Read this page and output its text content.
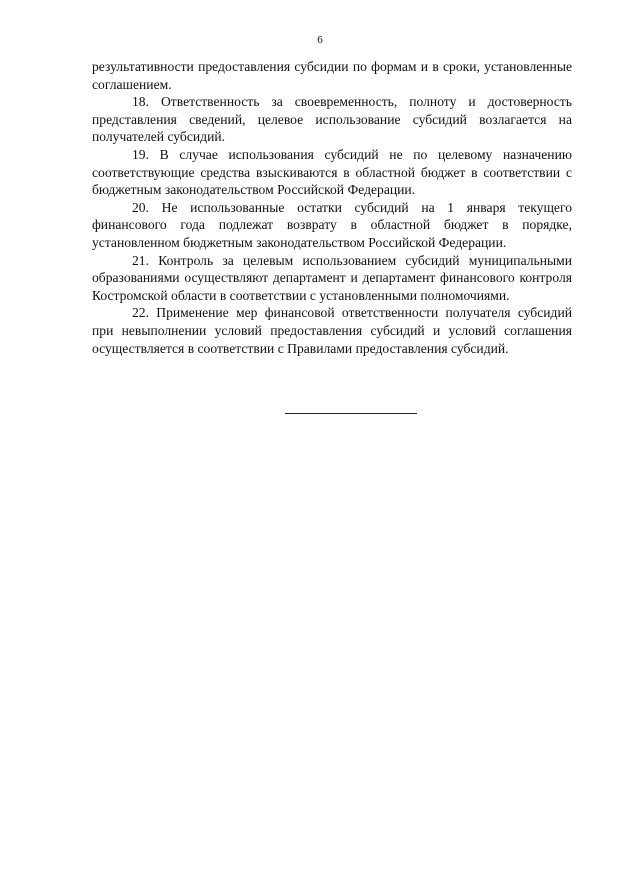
6

результативности предоставления субсидии по формам и в сроки, установленные соглашением.

18. Ответственность за своевременность, полноту и достоверность представления сведений, целевое использование субсидий возлагается на получателей субсидий.

19. В случае использования субсидий не по целевому назначению соответствующие средства взыскиваются в областной бюджет в соответствии с бюджетным законодательством Российской Федерации.

20. Не использованные остатки субсидий на 1 января текущего финансового года подлежат возврату в областной бюджет в порядке, установленном бюджетным законодательством Российской Федерации.

21. Контроль за целевым использованием субсидий муниципальными образованиями осуществляют департамент и департамент финансового контроля Костромской области в соответствии с установленными полномочиями.

22. Применение мер финансовой ответственности получателя субсидий при невыполнении условий предоставления субсидий и условий соглашения осуществляется в соответствии с Правилами предоставления субсидий.
